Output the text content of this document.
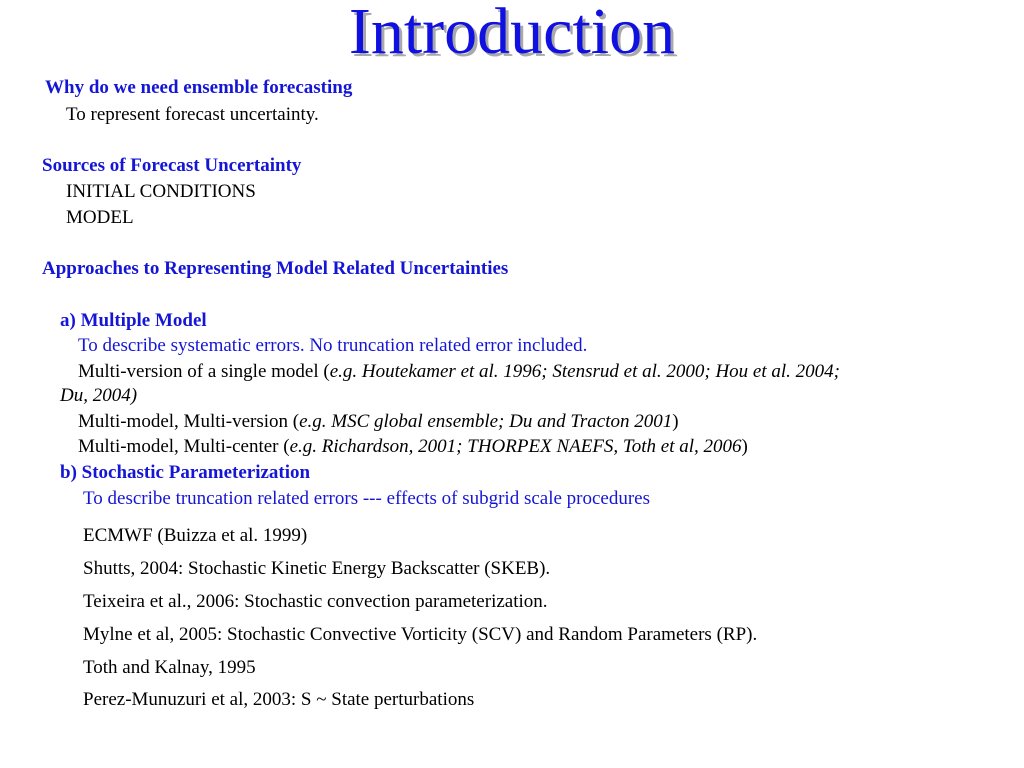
Introduction
Why do we need ensemble forecasting
To represent forecast uncertainty.
Sources of Forecast Uncertainty
INITIAL CONDITIONS
MODEL
Approaches to Representing Model Related Uncertainties
a) Multiple Model
To describe systematic errors. No truncation related error included.
Multi-version of a single model (e.g. Houtekamer et al. 1996; Stensrud et al. 2000; Hou et al. 2004;
Du, 2004)
Multi-model, Multi-version (e.g. MSC global ensemble; Du and Tracton 2001)
Multi-model, Multi-center (e.g. Richardson, 2001; THORPEX NAEFS, Toth et al, 2006)
b) Stochastic Parameterization
To describe truncation related errors --- effects of subgrid scale procedures
ECMWF (Buizza et al. 1999)
Shutts, 2004: Stochastic Kinetic Energy Backscatter (SKEB).
Teixeira et al., 2006: Stochastic convection parameterization.
Mylne et al, 2005: Stochastic Convective Vorticity (SCV) and Random Parameters (RP).
Toth and Kalnay, 1995
Perez-Munuzuri et al, 2003: S ~ State perturbations
